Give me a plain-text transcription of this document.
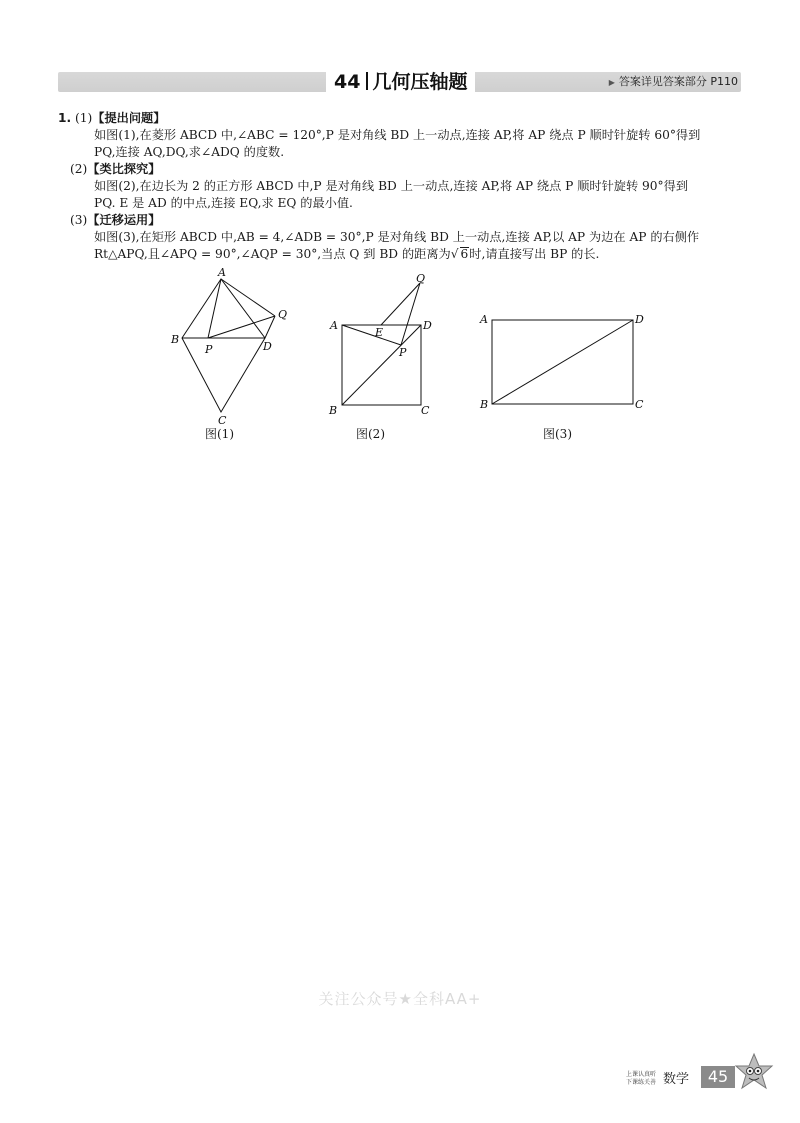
44 几何压轴题	▶ 答案详见答案部分 P110
1. (1)【提出问题】
如图(1),在菱形 ABCD 中,∠ABC = 120°,P 是对角线 BD 上一动点,连接 AP,将 AP 绕点 P 顺时针旋转 60°得到
PQ,连接 AQ,DQ,求∠ADQ 的度数.
(2)【类比探究】
如图(2),在边长为 2 的正方形 ABCD 中,P 是对角线 BD 上一动点,连接 AP,将 AP 绕点 P 顺时针旋转 90°得到
PQ. E 是 AD 的中点,连接 EQ,求 EQ 的最小值.
(3)【迁移运用】
如图(3),在矩形 ABCD 中,AB = 4,∠ADB = 30°,P 是对角线 BD 上一动点,连接 AP,以 AP 为边在 AP 的右侧作
Rt△APQ,且∠APQ = 90°,∠AQP = 30°,当点 Q 到 BD 的距离为√ 6时,请直接写出 BP 的长.
A
B
P	D
Q
C
图(1)
A	D
E
P
Q
B	C
图(2)
A	D
B	C
图(3)
关注公众号★全科AA+
上课认真听
下课练关善 数学	45
